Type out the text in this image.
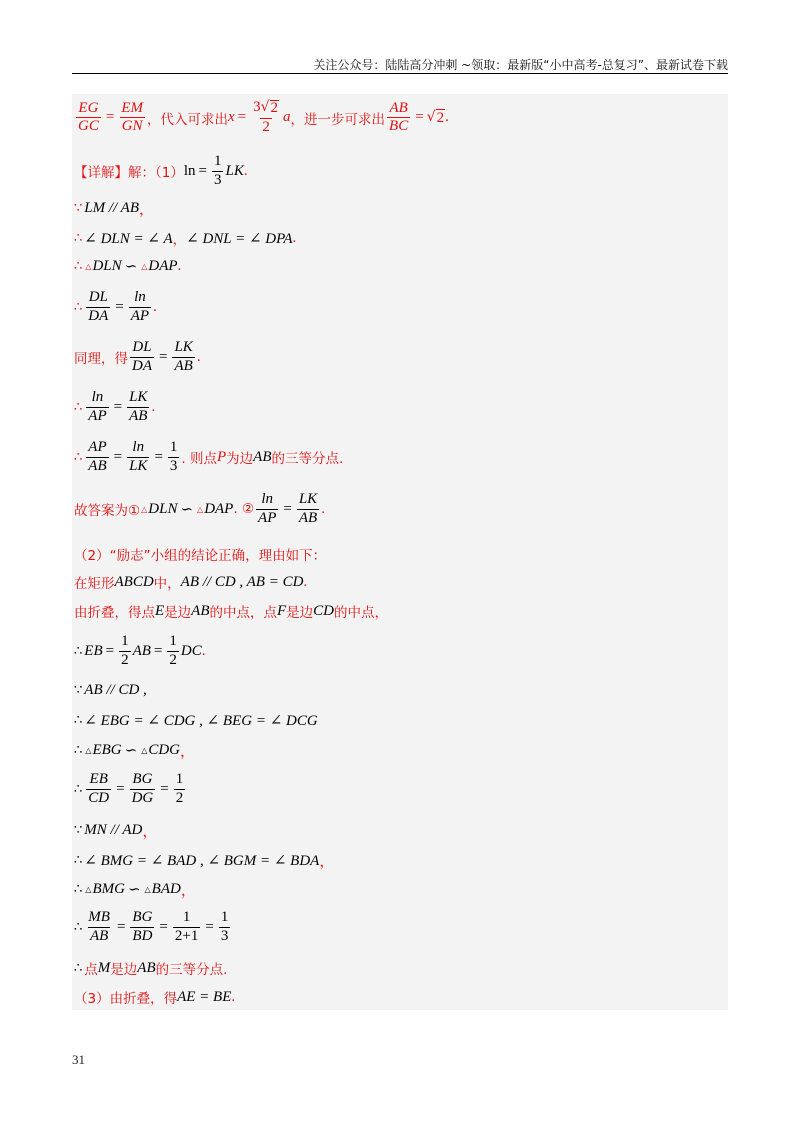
关注公众号：陆陆高分冲刺 ~领取：最新版“小中高考-总复习”、最新试卷下载
$\frac{EG}{GC} = \frac{EM}{GN}$ ，代入可求出 $x = \frac{3 √ 2}{2}$ a ，进一步可求出 $\frac{AB}{BC}$ = √ 2 .
【详解】 解：（1） $\ln = \frac{1}{3}$ LK .
∵ LM // AB ，
∴ ∠ DLN = ∠ A ， ∠ DNL = ∠ DPA .
∴ △ DLN ∽ △ DAP .
∴ $\frac{DL}{DA} = \frac{\ln}{AP}$ .
同理，得 $\frac{DL}{DA} = \frac{LK}{AB}$ .
∴ $\frac{\ln}{AP} = \frac{LK}{AB}$ .
∴ $\frac{AP}{AB} = \frac{\ln}{LK} = \frac{1}{3}$ . 则点 P 为边 AB 的三等分点.
故答案为① △ DLN ∽ △ DAP . ② $\frac{\ln}{AP} = \frac{LK}{AB}$ .
（2）“励志”小组的结论正确，理由如下：
在矩形 ABCD 中， AB // CD , AB = CD .
由折叠，得点 E 是边 AB 的中点，点 F 是边 CD 的中点，
∴ EB = $\frac{1}{2}$ AB = $\frac{1}{2}$ DC .
∵ AB // CD ,
∴ ∠ EBG = ∠ CDG , ∠ BEG = ∠ DCG
∴ △ EBG ∽ △ CDG ，
∴ $\frac{EB}{CD} = \frac{BG}{DG} = \frac{1}{2}$
∵ MN // AD ，
∴ ∠ BMG = ∠ BAD , ∠ BGM = ∠ BDA ，
∴ △ BMG ∽ △ BAD ，
∴ $\frac{MB}{AB} = \frac{BG}{BD} = \frac{1}{2+1} = \frac{1}{3}$
∴ 点 M 是边 AB 的三等分点.
（3）由折叠，得 AE = BE .
31
